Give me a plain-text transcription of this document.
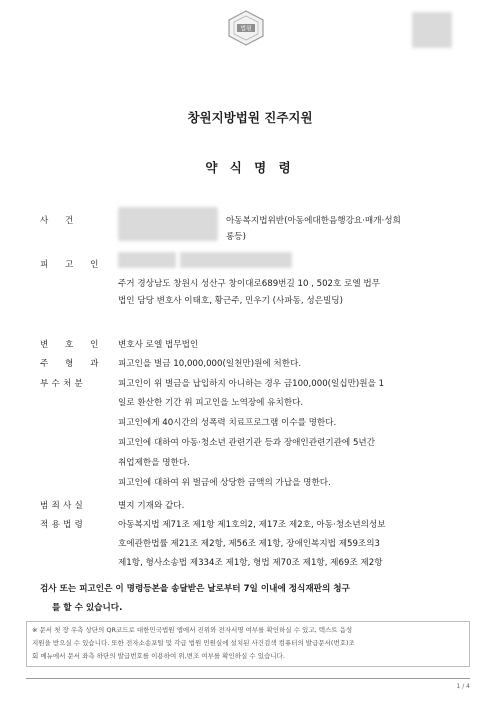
법원
창원지방법원 진주지원
약 식 명 령
사 건	아동복지법위반(아동에대한음행강요·매개·성희
롱등)
피 고 인
주거 경상남도 창원시 성산구 창이대로689번길 10 , 502호 로엘 법무
법인 담당 변호사 이태호, 황근주, 민우기 (사파동, 성은빌딩)
변 호 인 변호사 로엘 법무법인
주 형 과 피고인을 벌금 10,000,000(일천만)원에 처한다.
부수처분	피고인이 위 벌금을 납입하지 아니하는 경우 금100,000(일십만)원을 1
일로 환산한 기간 위 피고인을 노역장에 유치한다.
피고인에게 40시간의 성폭력 치료프로그램 이수를 명한다.
피고인에 대하여 아동·청소년 관련기관 등과 장애인관련기관에 5년간
취업제한을 명한다.
피고인에 대하여 위 벌금에 상당한 금액의 가납을 명한다.
범죄사실	별지 기재와 같다.
적용법령	아동복지법 제71조 제1항 제1호의2, 제17조 제2호, 아동·청소년의성보
호에관한법률 제21조 제2항, 제56조 제1항, 장애인복지법 제59조의3
제1항, 형사소송법 제334조 제1항, 형법 제70조 제1항, 제69조 제2항
검사 또는 피고인은 이 명령등본을 송달받은 날로부터 7일 이내에 정식재판의 청구
를 할 수 있습니다.
※ 문서 첫 장 우측 상단의 QR코드로 대한민국법원 앱에서 진위와 전자서명 여부를 확인하실 수 있고, 텍스트 음성
지원을 받으실 수 있습니다. 또한 전자소송포털 및 각급 법원 민원실에 설치된 사건검색 컴퓨터의 발급문서(번호)조
회 메뉴에서 문서 좌측 하단의 발급번호를 이용하여 위,변조 여부를 확인하실 수 있습니다.
1 / 4
